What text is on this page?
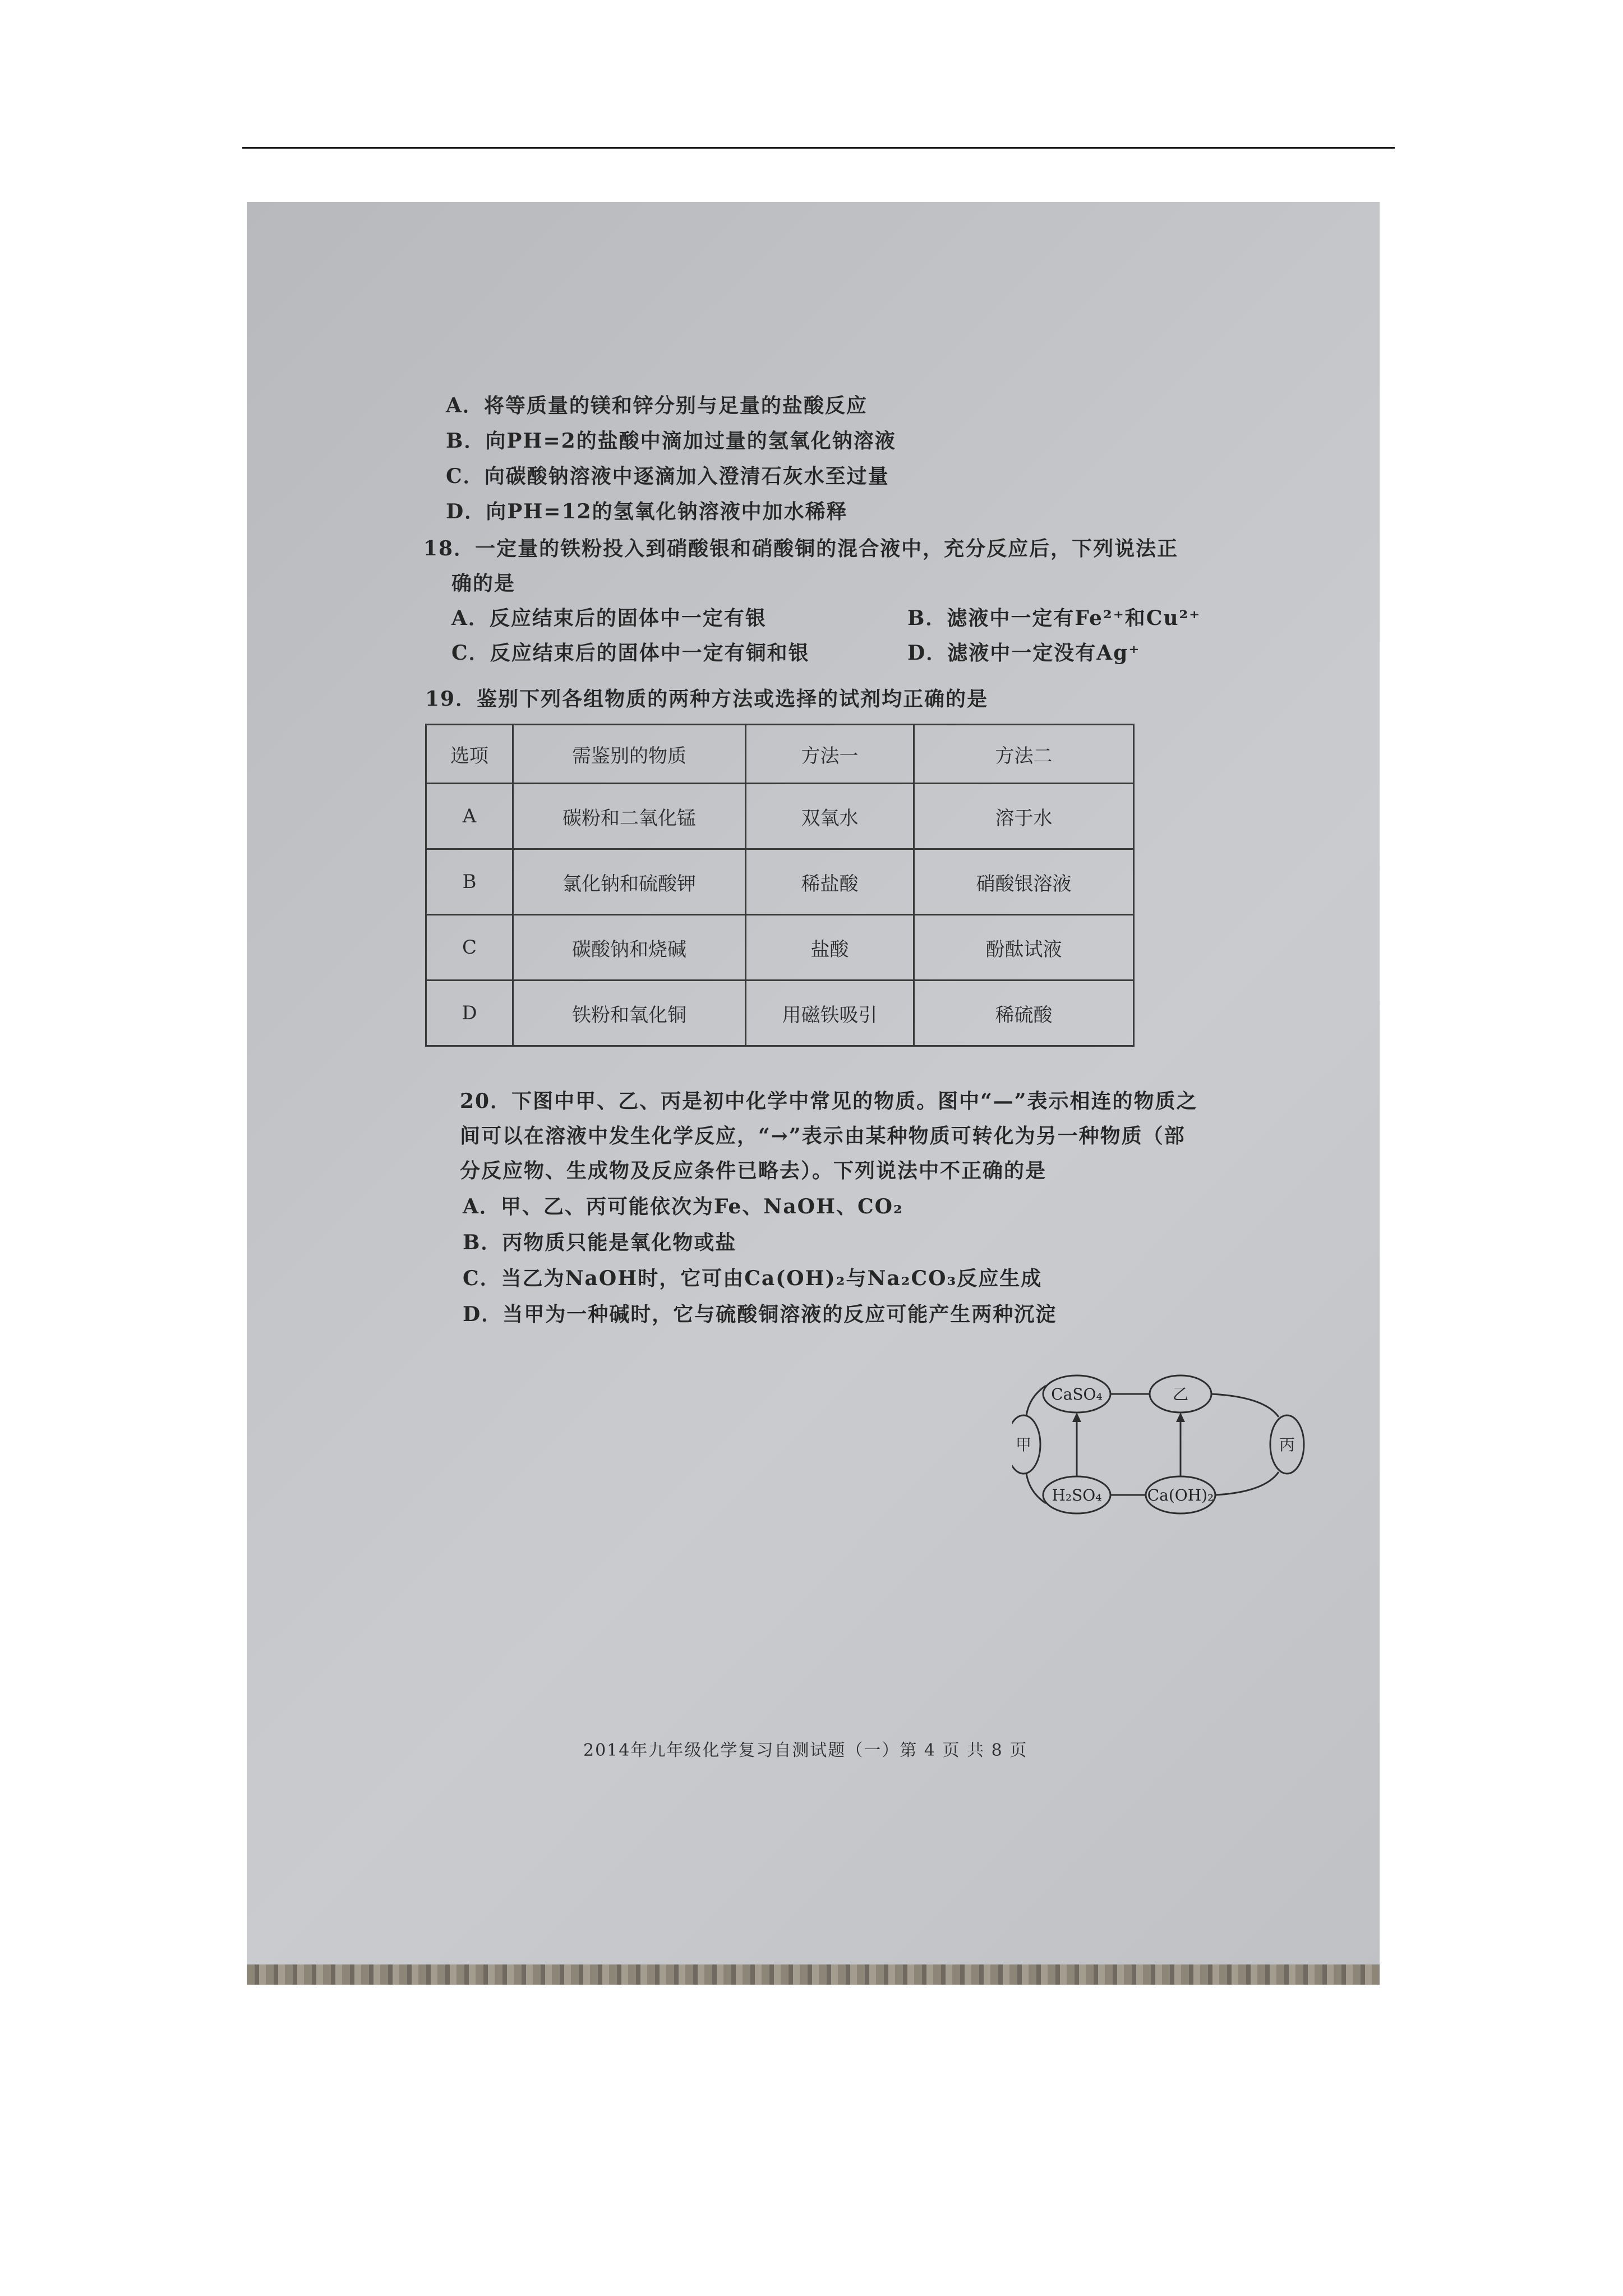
A．将等质量的镁和锌分别与足量的盐酸反应
B．向PH=2的盐酸中滴加过量的氢氧化钠溶液
C．向碳酸钠溶液中逐滴加入澄清石灰水至过量
D．向PH=12的氢氧化钠溶液中加水稀释
18．一定量的铁粉投入到硝酸银和硝酸铜的混合液中，充分反应后，下列说法正
确的是
A．反应结束后的固体中一定有银	B．滤液中一定有Fe²⁺和Cu²⁺
C．反应结束后的固体中一定有铜和银	D．滤液中一定没有Ag⁺
19．鉴别下列各组物质的两种方法或选择的试剂均正确的是
选项	需鉴别的物质	方法一	方法二
A	碳粉和二氧化锰	双氧水	溶于水
B	氯化钠和硫酸钾	稀盐酸	硝酸银溶液
C	碳酸钠和烧碱	盐酸	酚酞试液
D	铁粉和氧化铜	用磁铁吸引	稀硫酸
20．下图中甲、乙、丙是初中化学中常见的物质。图中“—”表示相连的物质之
间可以在溶液中发生化学反应，“→”表示由某种物质可转化为另一种物质（部
分反应物、生成物及反应条件已略去）。下列说法中不正确的是
A．甲、乙、丙可能依次为Fe、NaOH、CO₂
B．丙物质只能是氧化物或盐
C．当乙为NaOH时，它可由Ca(OH)₂与Na₂CO₃反应生成
D．当甲为一种碱时，它与硫酸铜溶液的反应可能产生两种沉淀
CaSO₄	乙
H₂SO₄	Ca(OH)₂
甲	丙
2014年九年级化学复习自测试题（一）第 4 页 共 8 页
